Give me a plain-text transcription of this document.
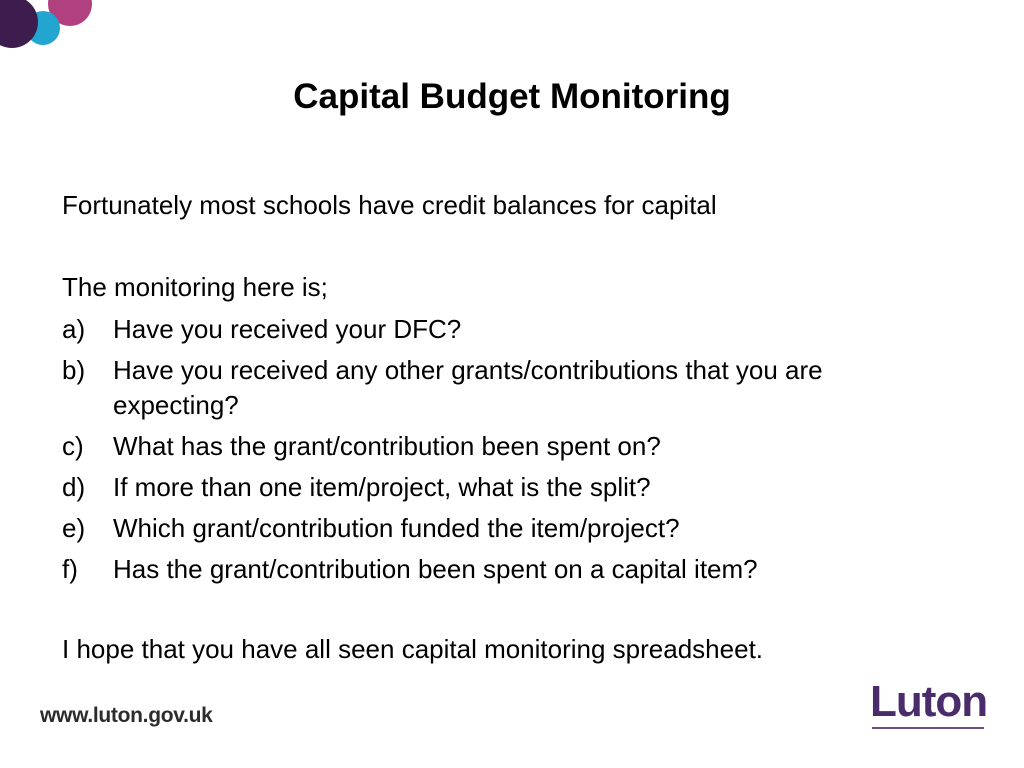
Capital Budget Monitoring
Fortunately most schools have credit balances for capital
The monitoring here is;
a)	Have you received your DFC?
b)	Have you received any other grants/contributions that you are expecting?
c)	What has the grant/contribution been spent on?
d)	If more than one item/project, what is the split?
e)	Which grant/contribution funded the item/project?
f)	Has the grant/contribution been spent on a capital item?
I hope that you have all seen capital monitoring spreadsheet.
www.luton.gov.uk	Luton
